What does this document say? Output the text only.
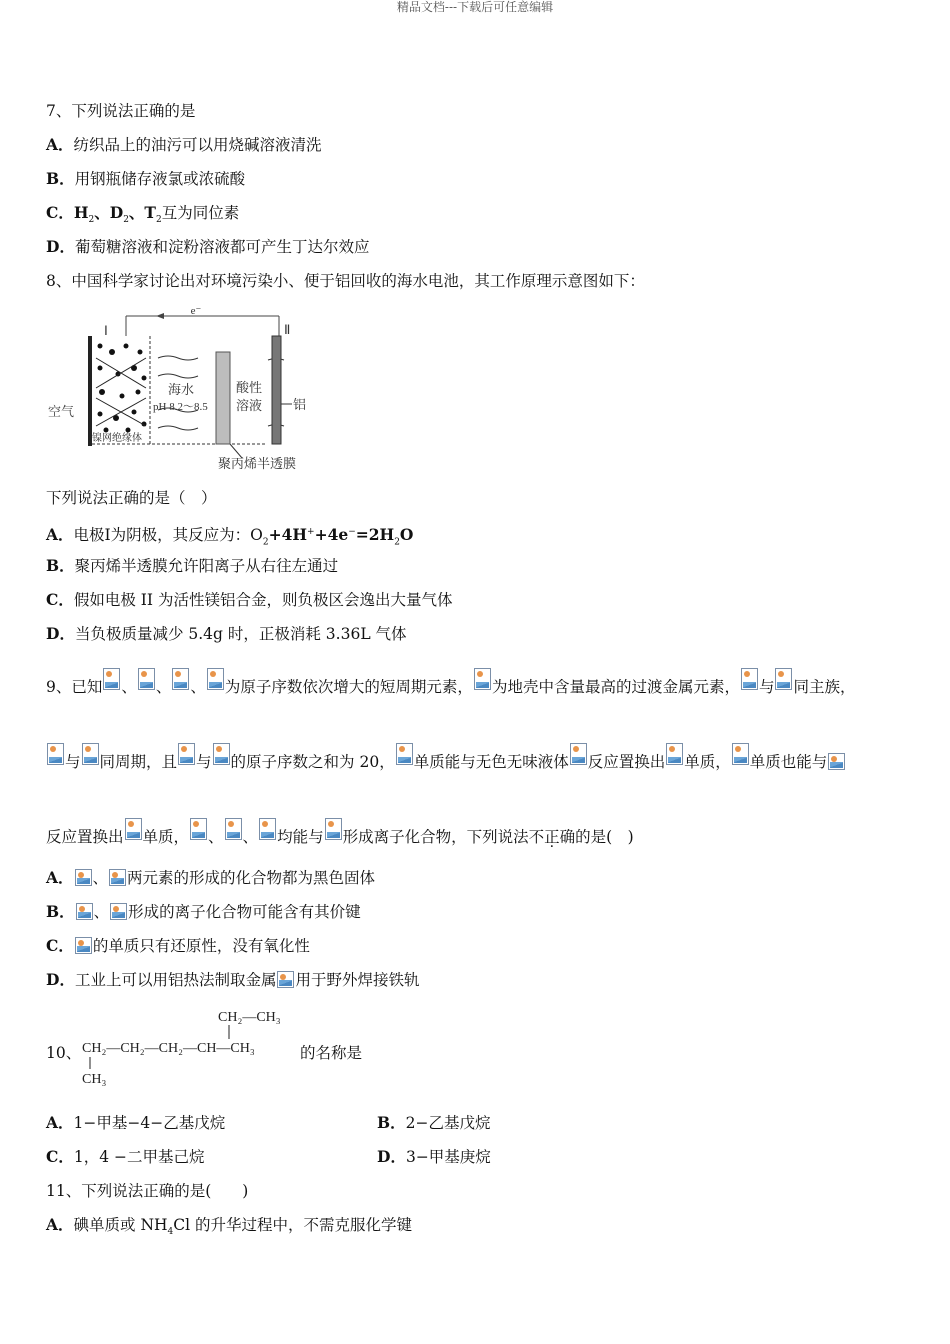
精品文档---下载后可任意编辑
7、下列说法正确的是
A．纺织品上的油污可以用烧碱溶液清洗
B．用钢瓶储存液氯或浓硫酸
C．$H_2$、$D_2$、$T_2$互为同位素
D．葡萄糖溶液和淀粉溶液都可产生丁达尔效应
8、中国科学家讨论出对环境污染小、便于铝回收的海水电池，其工作原理示意图如下：
e⁻
Ⅰ	Ⅱ
海水
pH 8.2～8.5
聚丙烯半透膜
酸性
溶液 铝
空气
镍网绝缘体
下列说法正确的是（　）
A．电极Ⅰ为阴极，其反应为：$O_2+4H^++4e^-=2H_2O$
B．聚丙烯半透膜允许阳离子从右往左通过
C．假如电极 II 为活性镁铝合金，则负极区会逸出大量气体
D．当负极质量减少 5.4g 时，正极消耗 3.36L 气体
9、已知 、 、 、 为原子序数依次增大的短周期元素， 为地壳中含量最高的过渡金属元素， 与 同主族，
与 同周期，且 与 的原子序数之和为 20， 单质能与无色无味液体 反应置换出 单质， 单质也能与
反应置换出 单质， 、 、 均能与 形成离子化合物，下列说法不正确的是(　)
A． 、 两元素的形成的化合物都为黑色固体
B． 、 形成的离子化合物可能含有其价键
C． 的单质只有还原性，没有氧化性
D．工业上可以用铝热法制取金属 用于野外焊接铁轨
10、
CH₂—CH₃
CH₂—CH₂—CH₂—CH—CH₃
CH₃
的名称是
A．1−甲基−4−乙基戊烷	B．2−乙基戊烷
C．1，4 −二甲基己烷	D．3−甲基庚烷
11、下列说法正确的是(　　)
A．碘单质或 $NH_4Cl$ 的升华过程中，不需克服化学键
